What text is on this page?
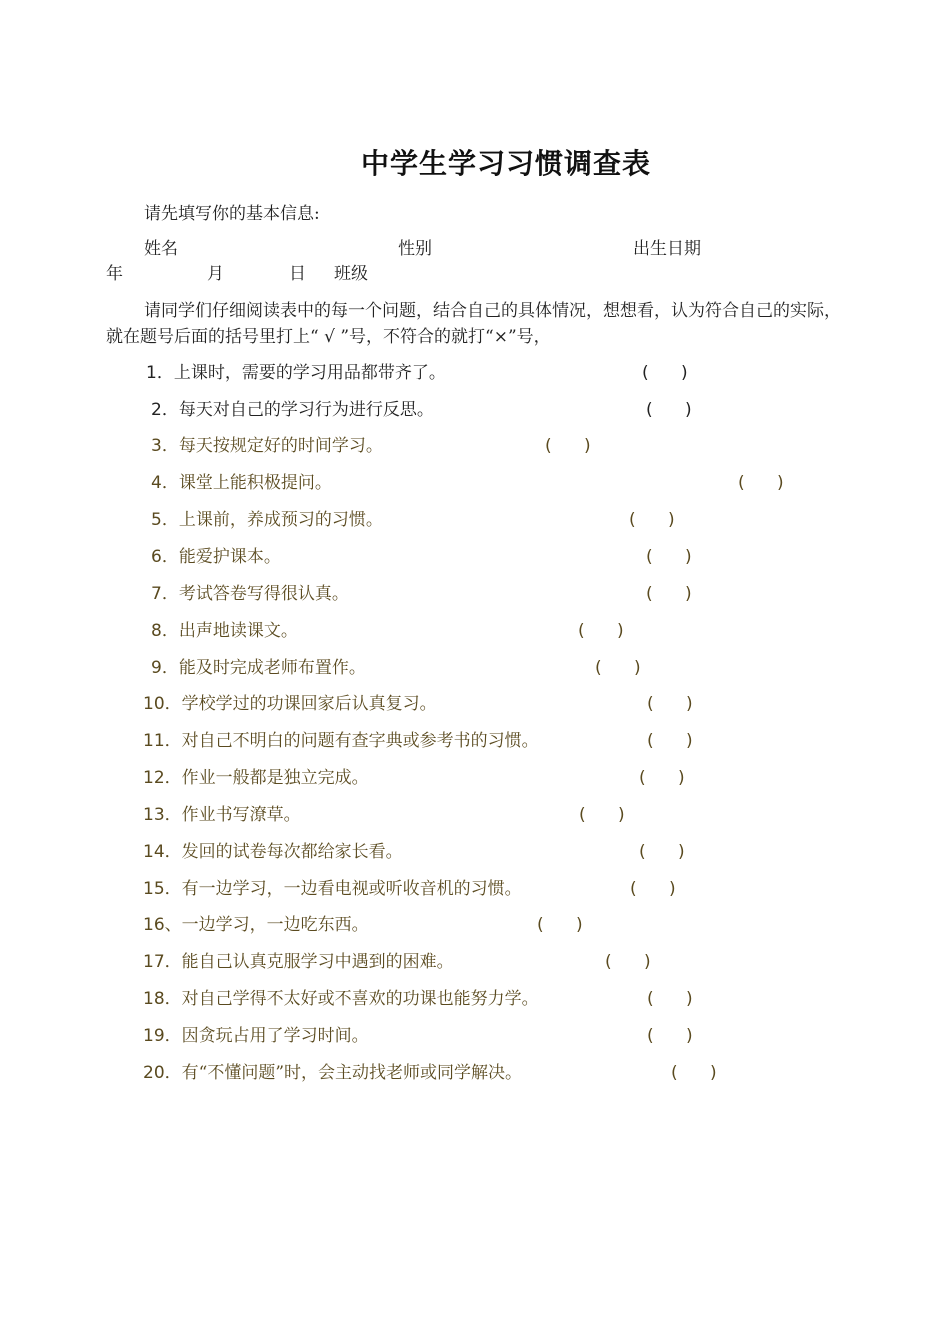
中学生学习习惯调查表
请先填写你的基本信息:
姓名	性别	出生日期
年	月	日 班级
请同学们仔细阅读表中的每一个问题，结合自己的具体情况，想想看，认为符合自己的实际，就在题号后面的括号里打上“ √ ”号，不符合的就打“×”号，
1．上课时，需要的学习用品都带齐了。	(      )
2．每天对自己的学习行为进行反思。	(      )
3．每天按规定好的时间学习。	(      )
4．课堂上能积极提问。	(      )
5．上课前，养成预习的习惯。	(      )
6．能爱护课本。	(      )
7．考试答卷写得很认真。	(      )
8．出声地读课文。	(      )
9．能及时完成老师布置作。	(      )
10．学校学过的功课回家后认真复习。	(      )
11．对自己不明白的问题有查字典或参考书的习惯。	(      )
12．作业一般都是独立完成。	(      )
13．作业书写潦草。	(      )
14．发回的试卷每次都给家长看。	(      )
15．有一边学习，一边看电视或听收音机的习惯。	(      )
16、一边学习，一边吃东西。	(      )
17．能自己认真克服学习中遇到的困难。	(      )
18．对自己学得不太好或不喜欢的功课也能努力学。	(      )
19．因贪玩占用了学习时间。	(      )
20．有“不懂问题”时，会主动找老师或同学解决。	(      )
